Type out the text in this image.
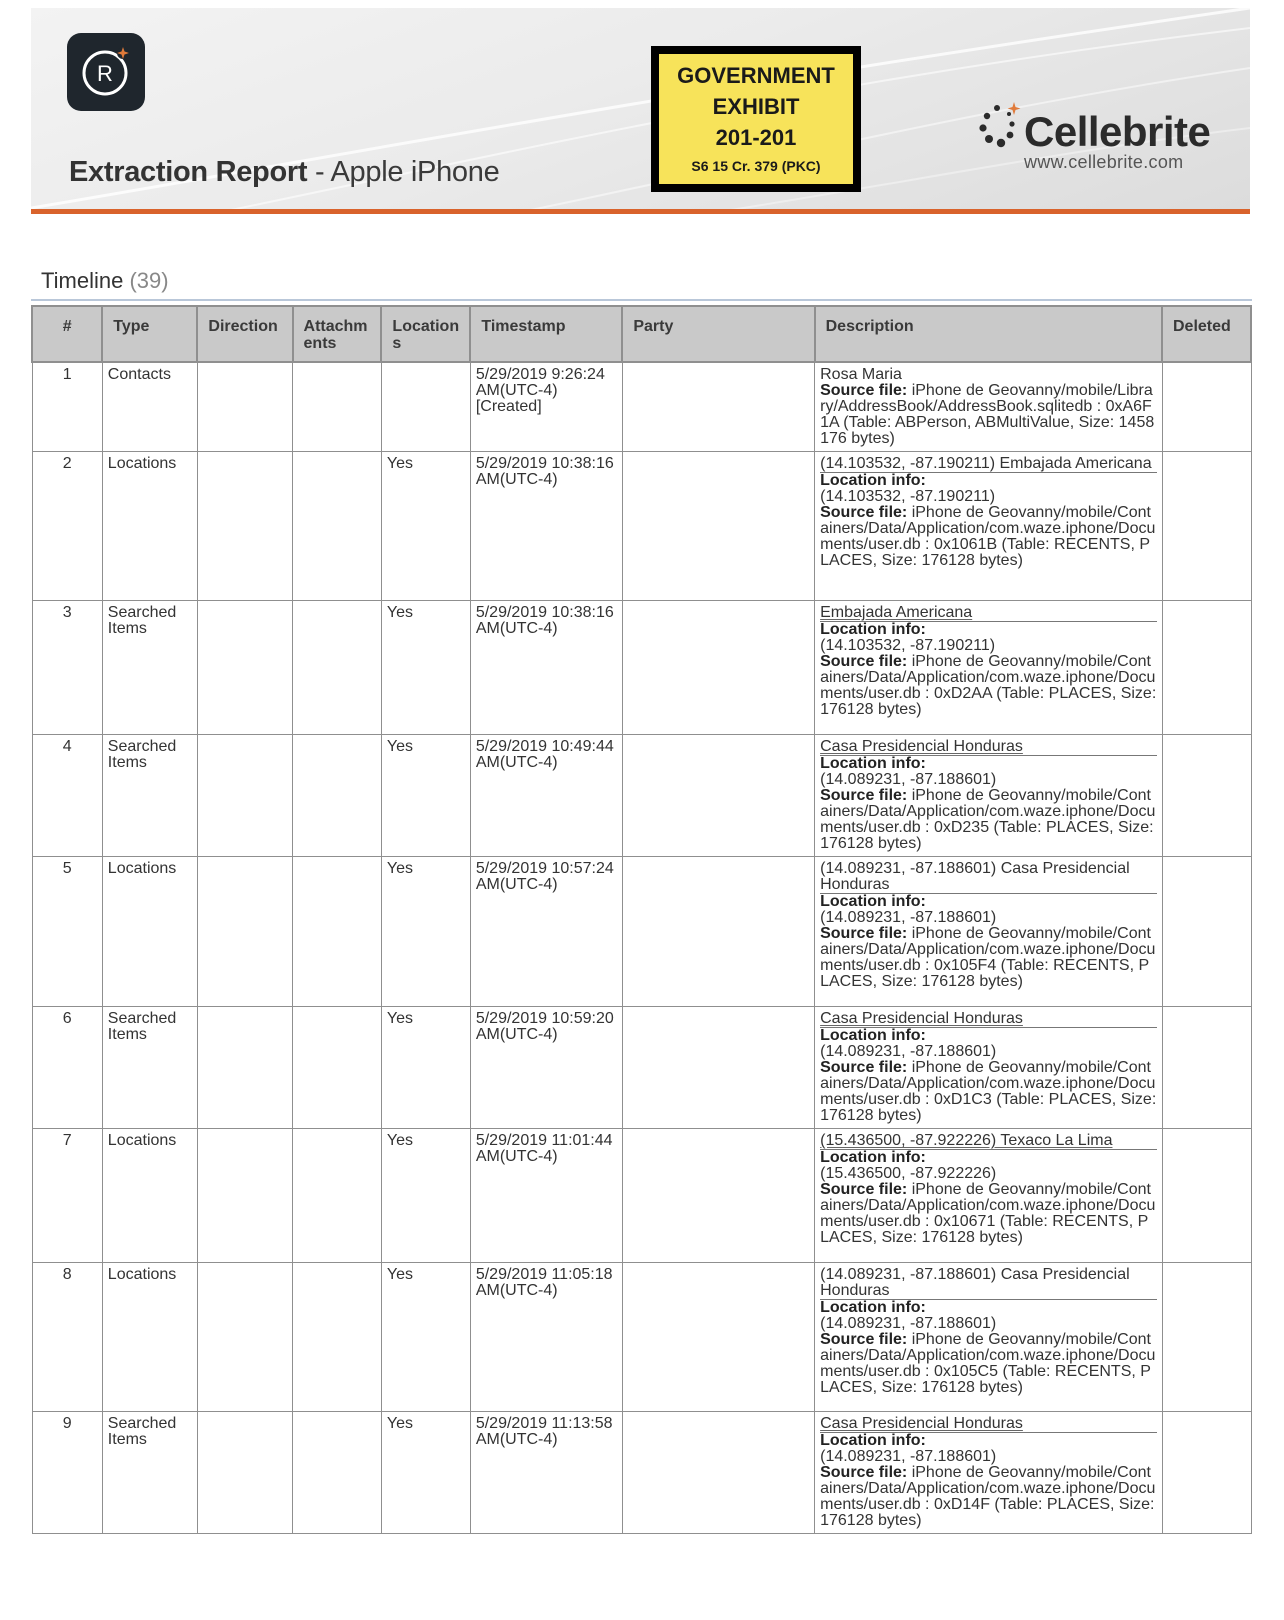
R
Extraction Report - Apple iPhone
GOVERNMENT
EXHIBIT
201-201
S6 15 Cr. 379 (PKC)
Cellebrite
www.cellebrite.com
Timeline (39)
#	Type	Direction	Attachm ents	Location s	Timestamp	Party	Description	Deleted
1	Contacts				5/29/2019 9:26:24 AM(UTC-4) [Created]		Rosa Maria
Source file: iPhone de Geovanny/mobile/Library/AddressBook/AddressBook.sqlitedb : 0xA6F1A (Table: ABPerson, ABMultiValue, Size: 1458176 bytes)	

2	Locations			Yes	5/29/2019 10:38:16 AM(UTC-4)		(14.103532, -87.190211) Embajada Americana
Location info:
(14.103532, -87.190211)
Source file: iPhone de Geovanny/mobile/Containers/Data/Application/com.waze.iphone/Documents/user.db : 0x1061B (Table: RECENTS, PLACES, Size: 176128 bytes)	

3	Searched Items			Yes	5/29/2019 10:38:16 AM(UTC-4)		Embajada Americana
Location info:
(14.103532, -87.190211)
Source file: iPhone de Geovanny/mobile/Containers/Data/Application/com.waze.iphone/Documents/user.db : 0xD2AA (Table: PLACES, Size: 176128 bytes)	

4	Searched Items			Yes	5/29/2019 10:49:44 AM(UTC-4)		Casa Presidencial Honduras
Location info:
(14.089231, -87.188601)
Source file: iPhone de Geovanny/mobile/Containers/Data/Application/com.waze.iphone/Documents/user.db : 0xD235 (Table: PLACES, Size: 176128 bytes)	

5	Locations			Yes	5/29/2019 10:57:24 AM(UTC-4)		(14.089231, -87.188601) Casa Presidencial Honduras
Location info:
(14.089231, -87.188601)
Source file: iPhone de Geovanny/mobile/Containers/Data/Application/com.waze.iphone/Documents/user.db : 0x105F4 (Table: RECENTS, PLACES, Size: 176128 bytes)	

6	Searched Items			Yes	5/29/2019 10:59:20 AM(UTC-4)		Casa Presidencial Honduras
Location info:
(14.089231, -87.188601)
Source file: iPhone de Geovanny/mobile/Containers/Data/Application/com.waze.iphone/Documents/user.db : 0xD1C3 (Table: PLACES, Size: 176128 bytes)	

7	Locations			Yes	5/29/2019 11:01:44 AM(UTC-4)		(15.436500, -87.922226) Texaco La Lima
Location info:
(15.436500, -87.922226)
Source file: iPhone de Geovanny/mobile/Containers/Data/Application/com.waze.iphone/Documents/user.db : 0x10671 (Table: RECENTS, PLACES, Size: 176128 bytes)	

8	Locations			Yes	5/29/2019 11:05:18 AM(UTC-4)		(14.089231, -87.188601) Casa Presidencial Honduras
Location info:
(14.089231, -87.188601)
Source file: iPhone de Geovanny/mobile/Containers/Data/Application/com.waze.iphone/Documents/user.db : 0x105C5 (Table: RECENTS, PLACES, Size: 176128 bytes)	

9	Searched Items			Yes	5/29/2019 11:13:58 AM(UTC-4)		Casa Presidencial Honduras
Location info:
(14.089231, -87.188601)
Source file: iPhone de Geovanny/mobile/Containers/Data/Application/com.waze.iphone/Documents/user.db : 0xD14F (Table: PLACES, Size: 176128 bytes)	
